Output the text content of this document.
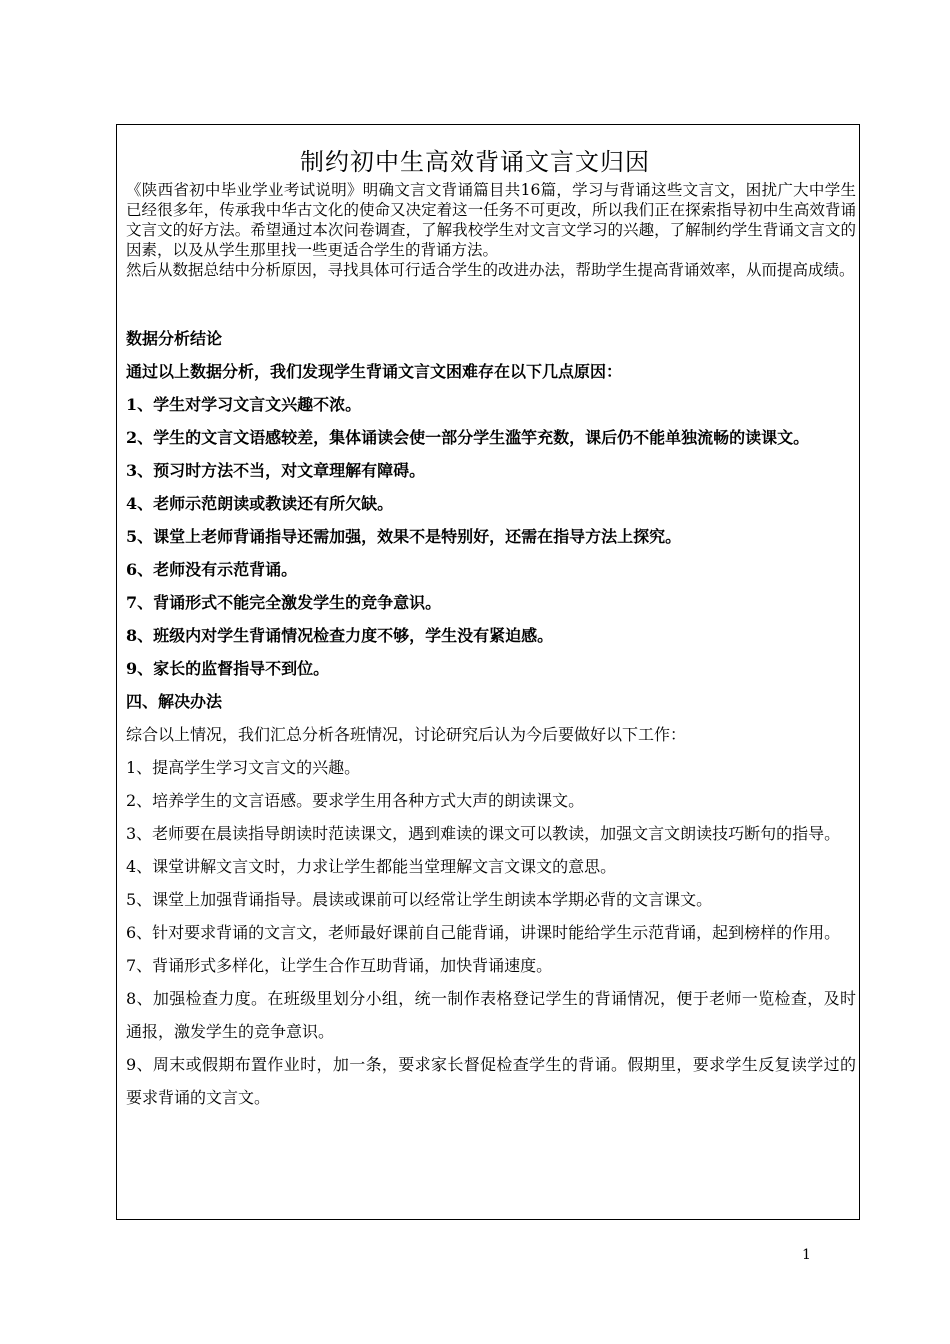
制约初中生高效背诵文言文归因

《陕西省初中毕业学业考试说明》明确文言文背诵篇目共16篇，学习与背诵这些文言文，困扰广大中学生已经很多年，传承我中华古文化的使命又决定着这一任务不可更改，所以我们正在探索指导初中生高效背诵文言文的好方法。希望通过本次问卷调查，了解我校学生对文言文学习的兴趣，了解制约学生背诵文言文的因素，以及从学生那里找一些更适合学生的背诵方法。

然后从数据总结中分析原因，寻找具体可行适合学生的改进办法，帮助学生提高背诵效率，从而提高成绩。

数据分析结论

通过以上数据分析，我们发现学生背诵文言文困难存在以下几点原因：

1、学生对学习文言文兴趣不浓。

2、学生的文言文语感较差，集体诵读会使一部分学生滥竽充数，课后仍不能单独流畅的读课文。

3、预习时方法不当，对文章理解有障碍。

4、老师示范朗读或教读还有所欠缺。

5、课堂上老师背诵指导还需加强，效果不是特别好，还需在指导方法上探究。

6、老师没有示范背诵。

7、背诵形式不能完全激发学生的竞争意识。

8、班级内对学生背诵情况检查力度不够，学生没有紧迫感。

9、家长的监督指导不到位。

四、解决办法

综合以上情况，我们汇总分析各班情况，讨论研究后认为今后要做好以下工作：

1、提高学生学习文言文的兴趣。

2、培养学生的文言语感。要求学生用各种方式大声的朗读课文。

3、老师要在晨读指导朗读时范读课文，遇到难读的课文可以教读，加强文言文朗读技巧断句的指导。

4、课堂讲解文言文时，力求让学生都能当堂理解文言文课文的意思。

5、课堂上加强背诵指导。晨读或课前可以经常让学生朗读本学期必背的文言课文。

6、针对要求背诵的文言文，老师最好课前自己能背诵，讲课时能给学生示范背诵，起到榜样的作用。

7、背诵形式多样化，让学生合作互助背诵，加快背诵速度。

8、加强检查力度。在班级里划分小组，统一制作表格登记学生的背诵情况，便于老师一览检查，及时通报，激发学生的竞争意识。

9、周末或假期布置作业时，加一条，要求家长督促检查学生的背诵。假期里，要求学生反复读学过的要求背诵的文言文。

1
